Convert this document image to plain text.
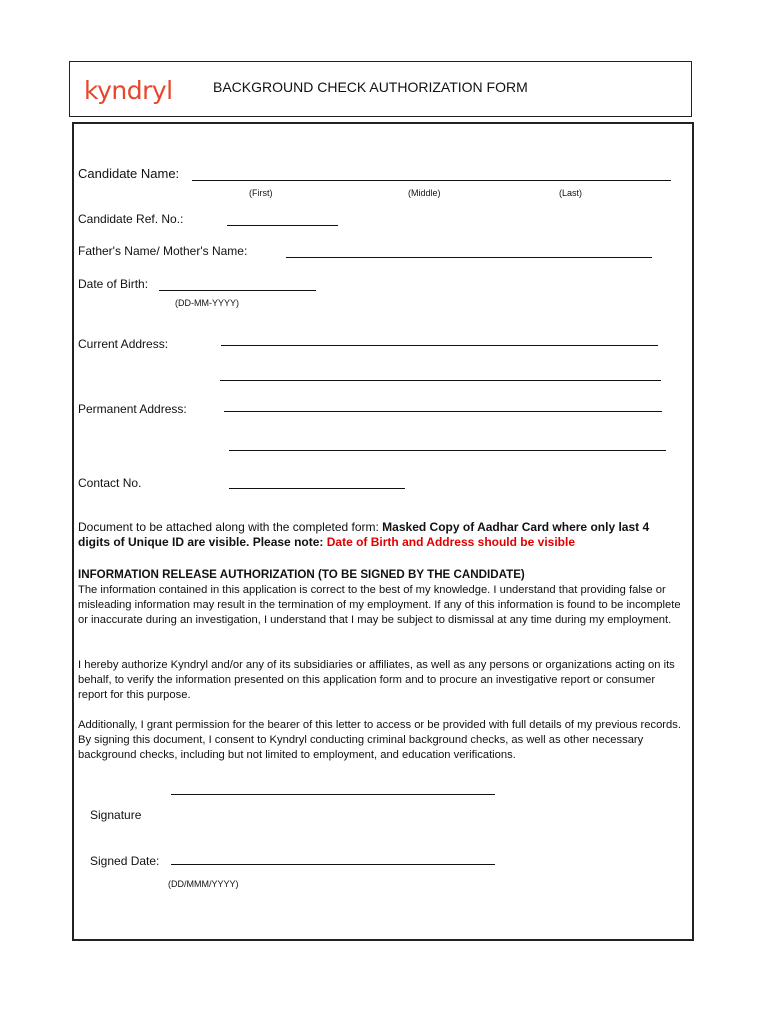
kyndryl	BACKGROUND CHECK AUTHORIZATION FORM
Candidate Name:
(First)	(Middle)	(Last)
Candidate Ref. No.:
Father's Name/ Mother's Name:
Date of Birth:
(DD-MM-YYYY)
Current Address:
Permanent Address:
Contact No.
Document to be attached along with the completed form: Masked Copy of Aadhar Card where only last 4 digits of Unique ID are visible. Please note: Date of Birth and Address should be visible
INFORMATION RELEASE AUTHORIZATION (TO BE SIGNED BY THE CANDIDATE)
The information contained in this application is correct to the best of my knowledge. I understand that providing false or misleading information may result in the termination of my employment. If any of this information is found to be incomplete or inaccurate during an investigation, I understand that I may be subject to dismissal at any time during my employment.
I hereby authorize Kyndryl and/or any of its subsidiaries or affiliates, as well as any persons or organizations acting on its behalf, to verify the information presented on this application form and to procure an investigative report or consumer report for this purpose.
Additionally, I grant permission for the bearer of this letter to access or be provided with full details of my previous records. By signing this document, I consent to Kyndryl conducting criminal background checks, as well as other necessary background checks, including but not limited to employment, and education verifications.
Signature
Signed Date:
(DD/MMM/YYYY)
